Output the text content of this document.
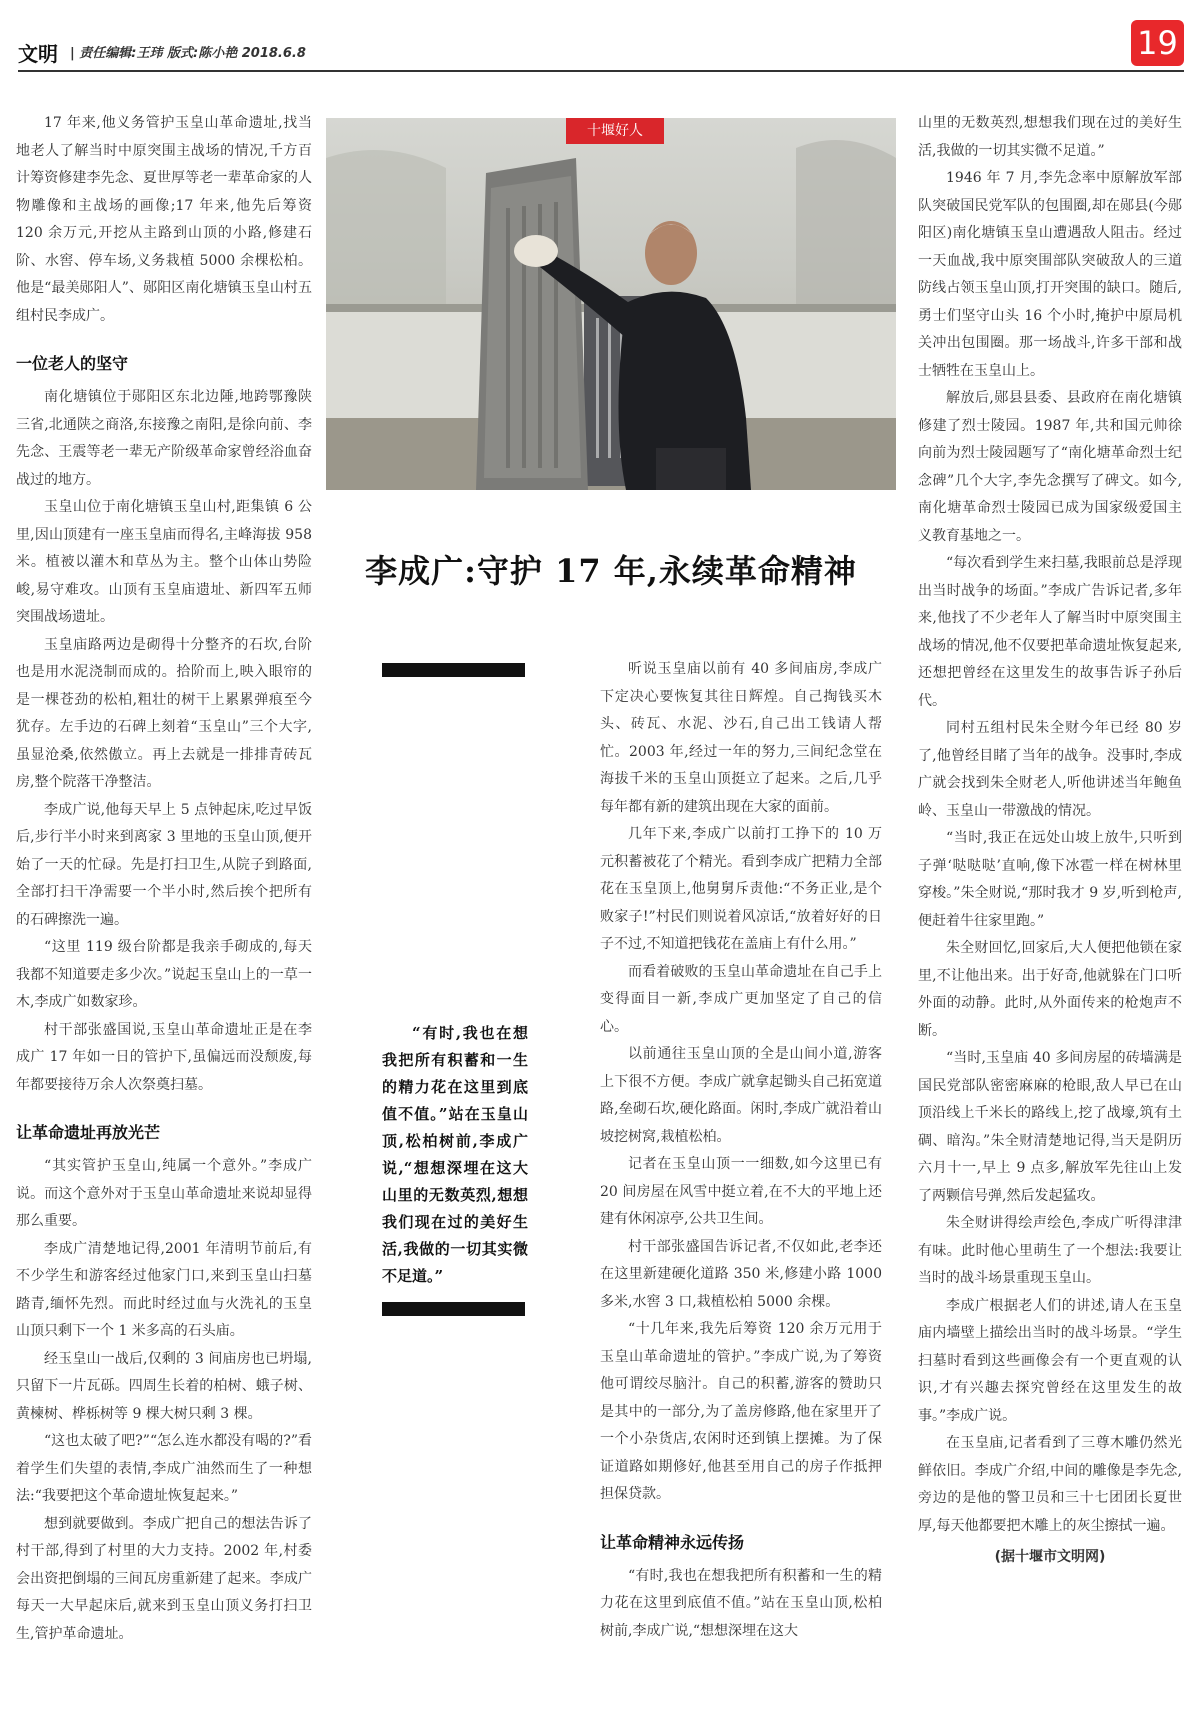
文明 | 责任编辑:王玮 版式:陈小艳 2018.6.8	19

17 年来,他义务管护玉皇山革命遗址,找当地老人了解当时中原突围主战场的情况,千方百计筹资修建李先念、夏世厚等老一辈革命家的人物雕像和主战场的画像;17 年来,他先后筹资 120 余万元,开挖从主路到山顶的小路,修建石阶、水窖、停车场,义务栽植 5000 余棵松柏。他是“最美郧阳人”、郧阳区南化塘镇玉皇山村五组村民李成广。

一位老人的坚守

南化塘镇位于郧阳区东北边陲,地跨鄂豫陕三省,北通陕之商洛,东接豫之南阳,是徐向前、李先念、王震等老一辈无产阶级革命家曾经浴血奋战过的地方。

玉皇山位于南化塘镇玉皇山村,距集镇 6 公里,因山顶建有一座玉皇庙而得名,主峰海拔 958 米。植被以灌木和草丛为主。整个山体山势险峻,易守难攻。山顶有玉皇庙遗址、新四军五师突围战场遗址。

玉皇庙路两边是砌得十分整齐的石坎,台阶也是用水泥浇制而成的。拾阶而上,映入眼帘的是一棵苍劲的松柏,粗壮的树干上累累弹痕至今犹存。左手边的石碑上刻着“玉皇山”三个大字,虽显沧桑,依然傲立。再上去就是一排排青砖瓦房,整个院落干净整洁。

李成广说,他每天早上 5 点钟起床,吃过早饭后,步行半小时来到离家 3 里地的玉皇山顶,便开始了一天的忙碌。先是打扫卫生,从院子到路面,全部打扫干净需要一个半小时,然后挨个把所有的石碑擦洗一遍。

“这里 119 级台阶都是我亲手砌成的,每天我都不知道要走多少次。”说起玉皇山上的一草一木,李成广如数家珍。

村干部张盛国说,玉皇山革命遗址正是在李成广 17 年如一日的管护下,虽偏远而没颓废,每年都要接待万余人次祭奠扫墓。

让革命遗址再放光芒

“其实管护玉皇山,纯属一个意外。”李成广说。而这个意外对于玉皇山革命遗址来说却显得那么重要。

李成广清楚地记得,2001 年清明节前后,有不少学生和游客经过他家门口,来到玉皇山扫墓踏青,缅怀先烈。而此时经过血与火洗礼的玉皇山顶只剩下一个 1 米多高的石头庙。

经玉皇山一战后,仅剩的 3 间庙房也已坍塌,只留下一片瓦砾。四周生长着的柏树、蛾子树、黄楝树、桦栎树等 9 棵大树只剩 3 棵。

“这也太破了吧?”“怎么连水都没有喝的?”看着学生们失望的表情,李成广油然而生了一种想法:“我要把这个革命遗址恢复起来。”

想到就要做到。李成广把自己的想法告诉了村干部,得到了村里的大力支持。2002 年,村委会出资把倒塌的三间瓦房重新建了起来。李成广每天一大早起床后,就来到玉皇山顶义务打扫卫生,管护革命遗址。

十堰好人
李成广:守护 17 年,永续革命精神
“有时,我也在想我把所有积蓄和一生的精力花在这里到底值不值。”站在玉皇山顶,松柏树前,李成广说,“想想深埋在这大山里的无数英烈,想想我们现在过的美好生活,我做的一切其实微不足道。”

听说玉皇庙以前有 40 多间庙房,李成广下定决心要恢复其往日辉煌。自己掏钱买木头、砖瓦、水泥、沙石,自己出工钱请人帮忙。2003 年,经过一年的努力,三间纪念堂在海拔千米的玉皇山顶挺立了起来。之后,几乎每年都有新的建筑出现在大家的面前。

几年下来,李成广以前打工挣下的 10 万元积蓄被花了个精光。看到李成广把精力全部花在玉皇顶上,他舅舅斥责他:“不务正业,是个败家子!”村民们则说着风凉话,“放着好好的日子不过,不知道把钱花在盖庙上有什么用。”

而看着破败的玉皇山革命遗址在自己手上变得面目一新,李成广更加坚定了自己的信心。

以前通往玉皇山顶的全是山间小道,游客上下很不方便。李成广就拿起锄头自己拓宽道路,垒砌石坎,硬化路面。闲时,李成广就沿着山坡挖树窝,栽植松柏。

记者在玉皇山顶一一细数,如今这里已有 20 间房屋在风雪中挺立着,在不大的平地上还建有休闲凉亭,公共卫生间。

村干部张盛国告诉记者,不仅如此,老李还在这里新建硬化道路 350 米,修建小路 1000 多米,水窖 3 口,栽植松柏 5000 余棵。

“十几年来,我先后筹资 120 余万元用于玉皇山革命遗址的管护。”李成广说,为了筹资他可谓绞尽脑汁。自己的积蓄,游客的赞助只是其中的一部分,为了盖房修路,他在家里开了一个小杂货店,农闲时还到镇上摆摊。为了保证道路如期修好,他甚至用自己的房子作抵押担保贷款。

让革命精神永远传扬

“有时,我也在想我把所有积蓄和一生的精力花在这里到底值不值。”站在玉皇山顶,松柏树前,李成广说,“想想深埋在这大

山里的无数英烈,想想我们现在过的美好生活,我做的一切其实微不足道。”

1946 年 7 月,李先念率中原解放军部队突破国民党军队的包围圈,却在郧县(今郧阳区)南化塘镇玉皇山遭遇敌人阻击。经过一天血战,我中原突围部队突破敌人的三道防线占领玉皇山顶,打开突围的缺口。随后,勇士们坚守山头 16 个小时,掩护中原局机关冲出包围圈。那一场战斗,许多干部和战士牺牲在玉皇山上。

解放后,郧县县委、县政府在南化塘镇修建了烈士陵园。1987 年,共和国元帅徐向前为烈士陵园题写了“南化塘革命烈士纪念碑”几个大字,李先念撰写了碑文。如今,南化塘革命烈士陵园已成为国家级爱国主义教育基地之一。

“每次看到学生来扫墓,我眼前总是浮现出当时战争的场面。”李成广告诉记者,多年来,他找了不少老年人了解当时中原突围主战场的情况,他不仅要把革命遗址恢复起来,还想把曾经在这里发生的故事告诉子孙后代。

同村五组村民朱全财今年已经 80 岁了,他曾经目睹了当年的战争。没事时,李成广就会找到朱全财老人,听他讲述当年鲍鱼岭、玉皇山一带激战的情况。

“当时,我正在远处山坡上放牛,只听到子弹‘哒哒哒’直响,像下冰雹一样在树林里穿梭。”朱全财说,“那时我才 9 岁,听到枪声,便赶着牛往家里跑。”

朱全财回忆,回家后,大人便把他锁在家里,不让他出来。出于好奇,他就躲在门口听外面的动静。此时,从外面传来的枪炮声不断。

“当时,玉皇庙 40 多间房屋的砖墙满是国民党部队密密麻麻的枪眼,敌人早已在山顶沿线上千米长的路线上,挖了战壕,筑有土碉、暗沟。”朱全财清楚地记得,当天是阴历六月十一,早上 9 点多,解放军先往山上发了两颗信号弹,然后发起猛攻。

朱全财讲得绘声绘色,李成广听得津津有味。此时他心里萌生了一个想法:我要让当时的战斗场景重现玉皇山。

李成广根据老人们的讲述,请人在玉皇庙内墙壁上描绘出当时的战斗场景。“学生扫墓时看到这些画像会有一个更直观的认识,才有兴趣去探究曾经在这里发生的故事。”李成广说。

在玉皇庙,记者看到了三尊木雕仍然光鲜依旧。李成广介绍,中间的雕像是李先念,旁边的是他的警卫员和三十七团团长夏世厚,每天他都要把木雕上的灰尘擦拭一遍。

(据十堰市文明网)
